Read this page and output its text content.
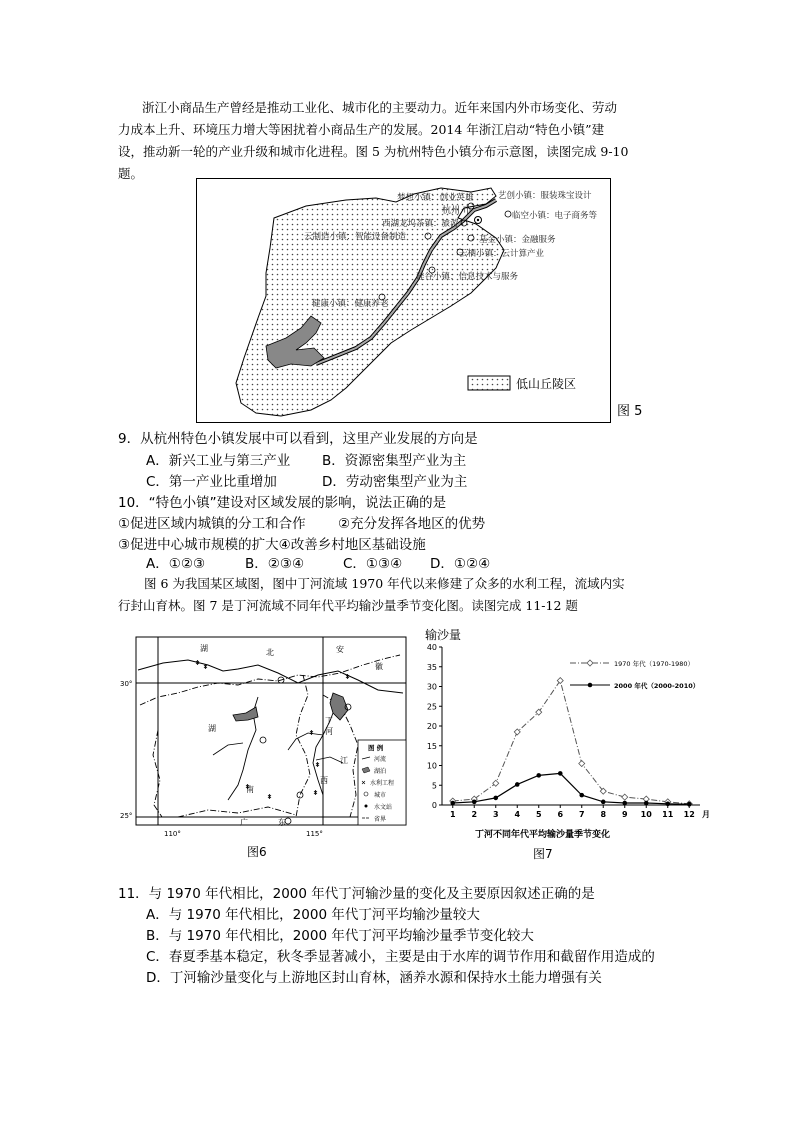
浙江小商品生产曾经是推动工业化、城市化的主要动力。近年来国内外市场变化、劳动
力成本上升、环境压力增大等困扰着小商品生产的发展。2014 年浙江启动“特色小镇”建
设，推动新一轮的产业升级和城市化进程。图 5 为杭州特色小镇分布示意图，读图完成 9-10
题。
梦想小镇：创业英雄	艺创小镇：服装珠宝设计
杭州 市
西湖龙坞茶镇：旅游
临空小镇：电子商务等
云制造小镇：智能设备制造	基金小镇：金融服务
云栖小镇：云计算产业
硅谷小镇：信息技术与服务
健康小镇：健康养老
低山丘陵区
图 5
9．从杭州特色小镇发展中可以看到，这里产业发展的方向是
A．新兴工业与第三产业 B．资源密集型产业为主
C．第一产业比重增加	D．劳动密集型产业为主
10．“特色小镇”建设对区域发展的影响，说法正确的是
①促进区域内城镇的分工和合作 ②充分发挥各地区的优势
③促进中心城市规模的扩大④改善乡村地区基础设施
A．①②③	B．②③④	C．①③④ D．①②④
图 6 为我国某区域图，图中丁河流域 1970 年代以来修建了众多的水利工程，流域内实
行封山育林。图 7 是丁河流域不同年代平均输沙量季节变化图。读图完成 11-12 题
30°
25°
110°	115°
湖	北	安
徽
湖
南
江
西
丁
河
广	东
图 例
河流
湖泊
水利工程
城市
水文站
省界
图6
输沙量
0
5
10
15
20
25
30
35
40
1 2 3 4 5 6 7 8 9 10 11 12 月
1970 年代（1970-1980）
2000 年代（2000-2010）
丁河不同年代平均输沙量季节变化
图7
11．与 1970 年代相比，2000 年代丁河输沙量的变化及主要原因叙述正确的是
A．与 1970 年代相比，2000 年代丁河平均输沙量较大
B．与 1970 年代相比，2000 年代丁河平均输沙量季节变化较大
C．春夏季基本稳定，秋冬季显著减小，主要是由于水库的调节作用和截留作用造成的
D．丁河输沙量变化与上游地区封山育林，涵养水源和保持水土能力增强有关
